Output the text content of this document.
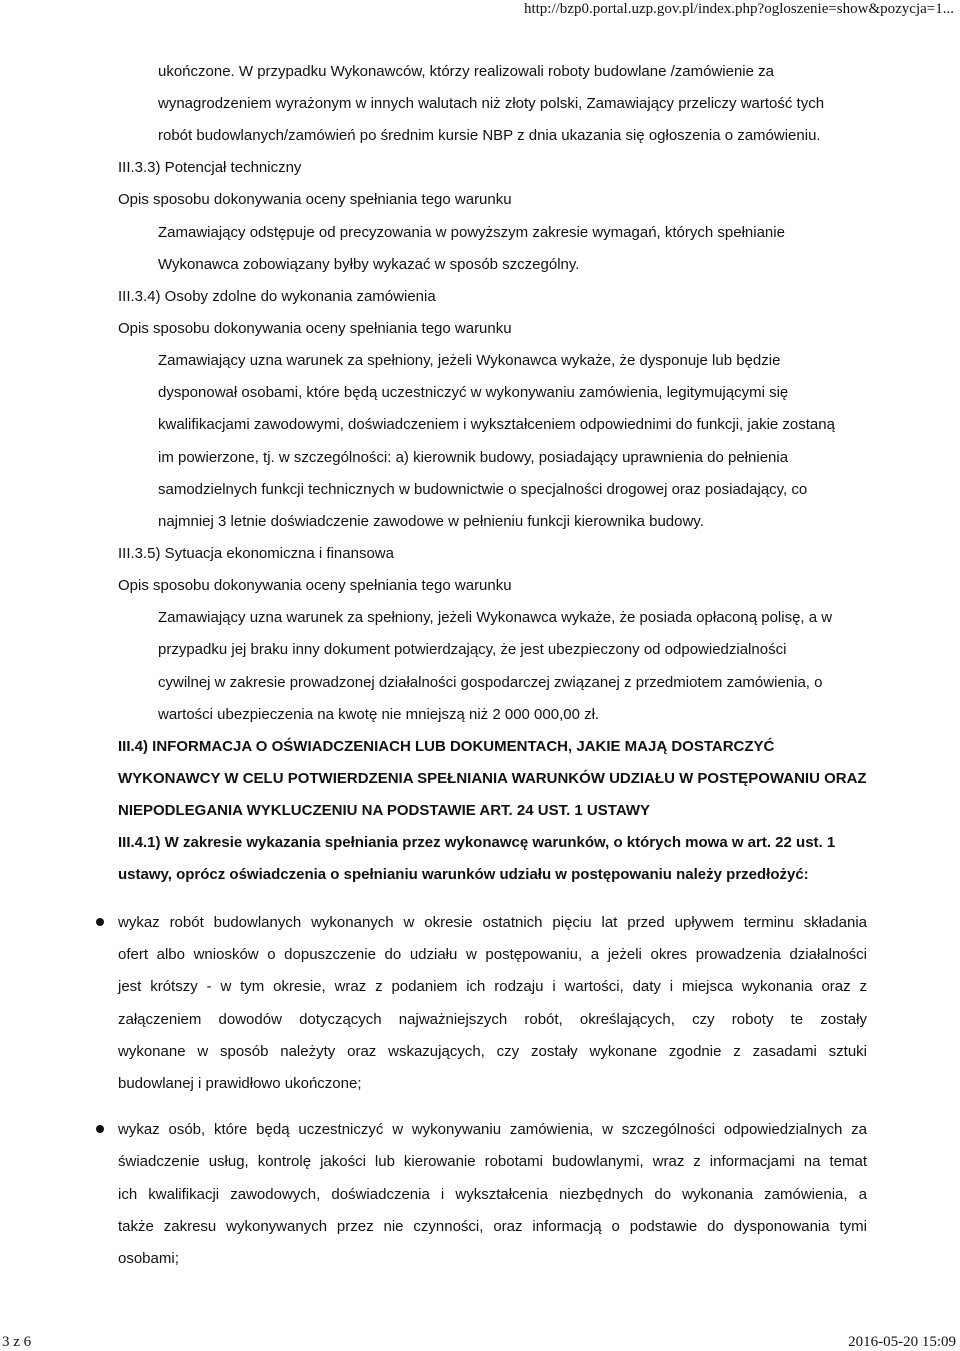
http://bzp0.portal.uzp.gov.pl/index.php?ogloszenie=show&pozycja=1...
ukończone. W przypadku Wykonawców, którzy realizowali roboty budowlane /zamówienie za
wynagrodzeniem wyrażonym w innych walutach niż złoty polski, Zamawiający przeliczy wartość tych
robót budowlanych/zamówień po średnim kursie NBP z dnia ukazania się ogłoszenia o zamówieniu.
III.3.3) Potencjał techniczny
Opis sposobu dokonywania oceny spełniania tego warunku
Zamawiający odstępuje od precyzowania w powyższym zakresie wymagań, których spełnianie
Wykonawca zobowiązany byłby wykazać w sposób szczególny.
III.3.4) Osoby zdolne do wykonania zamówienia
Opis sposobu dokonywania oceny spełniania tego warunku
Zamawiający uzna warunek za spełniony, jeżeli Wykonawca wykaże, że dysponuje lub będzie
dysponował osobami, które będą uczestniczyć w wykonywaniu zamówienia, legitymującymi się
kwalifikacjami zawodowymi, doświadczeniem i wykształceniem odpowiednimi do funkcji, jakie zostaną
im powierzone, tj. w szczególności: a) kierownik budowy, posiadający uprawnienia do pełnienia
samodzielnych funkcji technicznych w budownictwie o specjalności drogowej oraz posiadający, co
najmniej 3 letnie doświadczenie zawodowe w pełnieniu funkcji kierownika budowy.
III.3.5) Sytuacja ekonomiczna i finansowa
Opis sposobu dokonywania oceny spełniania tego warunku
Zamawiający uzna warunek za spełniony, jeżeli Wykonawca wykaże, że posiada opłaconą polisę, a w
przypadku jej braku inny dokument potwierdzający, że jest ubezpieczony od odpowiedzialności
cywilnej w zakresie prowadzonej działalności gospodarczej związanej z przedmiotem zamówienia, o
wartości ubezpieczenia na kwotę nie mniejszą niż 2 000 000,00 zł.
III.4) INFORMACJA O OŚWIADCZENIACH LUB DOKUMENTACH, JAKIE MAJĄ DOSTARCZYĆ
WYKONAWCY W CELU POTWIERDZENIA SPEŁNIANIA WARUNKÓW UDZIAŁU W POSTĘPOWANIU ORAZ
NIEPODLEGANIA WYKLUCZENIU NA PODSTAWIE ART. 24 UST. 1 USTAWY
III.4.1) W zakresie wykazania spełniania przez wykonawcę warunków, o których mowa w art. 22 ust. 1
ustawy, oprócz oświadczenia o spełnianiu warunków udziału w postępowaniu należy przedłożyć:
wykaz robót budowlanych wykonanych w okresie ostatnich pięciu lat przed upływem terminu składania
ofert albo wniosków o dopuszczenie do udziału w postępowaniu, a jeżeli okres prowadzenia działalności
jest krótszy - w tym okresie, wraz z podaniem ich rodzaju i wartości, daty i miejsca wykonania oraz z
załączeniem dowodów dotyczących najważniejszych robót, określających, czy roboty te zostały
wykonane w sposób należyty oraz wskazujących, czy zostały wykonane zgodnie z zasadami sztuki
budowlanej i prawidłowo ukończone;
wykaz osób, które będą uczestniczyć w wykonywaniu zamówienia, w szczególności odpowiedzialnych za
świadczenie usług, kontrolę jakości lub kierowanie robotami budowlanymi, wraz z informacjami na temat
ich kwalifikacji zawodowych, doświadczenia i wykształcenia niezbędnych do wykonania zamówienia, a
także zakresu wykonywanych przez nie czynności, oraz informacją o podstawie do dysponowania tymi
osobami;
3 z 6	2016-05-20 15:09
